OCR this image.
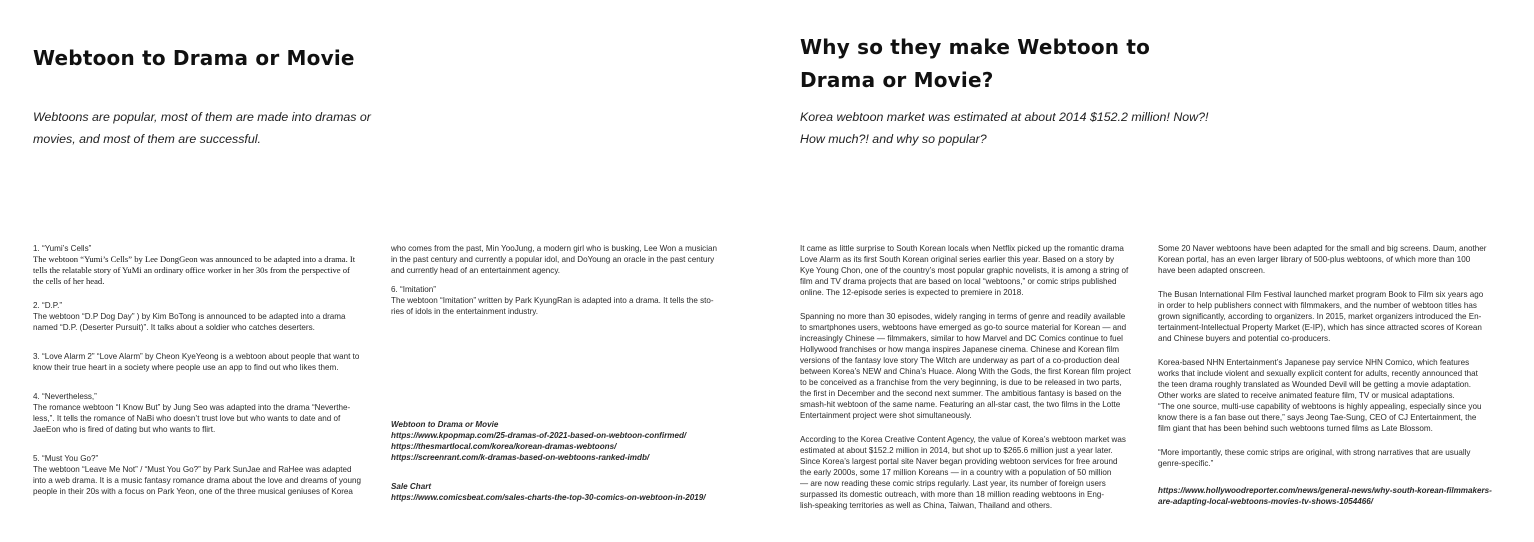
Webtoon to Drama or Movie
Webtoons are popular, most of them are made into dramas or
movies, and most of them are successful.

1. “Yumi’s Cells”

The webtoon “Yumi’s Cells” by Lee DongGeon was announced to be adapted into a drama. It
tells the relatable story of YuMi an ordinary office worker in her 30s from the perspective of
the cells of her head.

2. “D.P.”

The webtoon “D.P Dog Day” ) by Kim BoTong is announced to be adapted into a drama
named “D.P. (Deserter Pursuit)”. It talks about a soldier who catches deserters.

3. “Love Alarm 2” “Love Alarm” by Cheon KyeYeong is a webtoon about people that want to
know their true heart in a society where people use an app to find out who likes them.

4. “Nevertheless,”

The romance webtoon “I Know But” by Jung Seo was adapted into the drama “Neverthe-
less,”. It tells the romance of NaBi who doesn’t trust love but who wants to date and of
JaeEon who is fired of dating but who wants to flirt.

5. “Must You Go?”

The webtoon “Leave Me Not” / “Must You Go?” by Park SunJae and RaHee was adapted
into a web drama. It is a music fantasy romance drama about the love and dreams of young
people in their 20s with a focus on Park Yeon, one of the three musical geniuses of Korea

who comes from the past, Min YooJung, a modern girl who is busking, Lee Won a musician
in the past century and currently a popular idol, and DoYoung an oracle in the past century
and currently head of an entertainment agency.

6. “Imitation”

The webtoon “Imitation” written by Park KyungRan is adapted into a drama. It tells the sto-
ries of idols in the entertainment industry.

Webtoon to Drama or Movie

https://www.kpopmap.com/25-dramas-of-2021-based-on-webtoon-confirmed/

https://thesmartlocal.com/korea/korean-dramas-webtoons/

https://screenrant.com/k-dramas-based-on-webtoons-ranked-imdb/

Sale Chart

https://www.comicsbeat.com/sales-charts-the-top-30-comics-on-webtoon-in-2019/

Why so they make Webtoon to
Drama or Movie?
Korea webtoon market was estimated at about 2014 $152.2 million! Now?!
How much?! and why so popular?

It came as little surprise to South Korean locals when Netflix picked up the romantic drama
Love Alarm as its first South Korean original series earlier this year. Based on a story by
Kye Young Chon, one of the country’s most popular graphic novelists, it is among a string of
film and TV drama projects that are based on local “webtoons,” or comic strips published
online. The 12-episode series is expected to premiere in 2018.

Spanning no more than 30 episodes, widely ranging in terms of genre and readily available
to smartphones users, webtoons have emerged as go-to source material for Korean — and
increasingly Chinese — filmmakers, similar to how Marvel and DC Comics continue to fuel
Hollywood franchises or how manga inspires Japanese cinema. Chinese and Korean film
versions of the fantasy love story The Witch are underway as part of a co-production deal
between Korea’s NEW and China’s Huace. Along With the Gods, the first Korean film project
to be conceived as a franchise from the very beginning, is due to be released in two parts,
the first in December and the second next summer. The ambitious fantasy is based on the
smash-hit webtoon of the same name. Featuring an all-star cast, the two films in the Lotte
Entertainment project were shot simultaneously.

According to the Korea Creative Content Agency, the value of Korea’s webtoon market was
estimated at about $152.2 million in 2014, but shot up to $265.6 million just a year later.
Since Korea’s largest portal site Naver began providing webtoon services for free around
the early 2000s, some 17 million Koreans — in a country with a population of 50 million
— are now reading these comic strips regularly. Last year, its number of foreign users
surpassed its domestic outreach, with more than 18 million reading webtoons in Eng-
lish-speaking territories as well as China, Taiwan, Thailand and others.

Some 20 Naver webtoons have been adapted for the small and big screens. Daum, another
Korean portal, has an even larger library of 500-plus webtoons, of which more than 100
have been adapted onscreen.

The Busan International Film Festival launched market program Book to Film six years ago
in order to help publishers connect with filmmakers, and the number of webtoon titles has
grown significantly, according to organizers. In 2015, market organizers introduced the En-
tertainment-Intellectual Property Market (E-IP), which has since attracted scores of Korean
and Chinese buyers and potential co-producers.

Korea-based NHN Entertainment’s Japanese pay service NHN Comico, which features
works that include violent and sexually explicit content for adults, recently announced that
the teen drama roughly translated as Wounded Devil will be getting a movie adaptation.
Other works are slated to receive animated feature film, TV or musical adaptations.
“The one source, multi-use capability of webtoons is highly appealing, especially since you
know there is a fan base out there,” says Jeong Tae-Sung, CEO of CJ Entertainment, the
film giant that has been behind such webtoons turned films as Late Blossom.

“More importantly, these comic strips are original, with strong narratives that are usually
genre-specific.”

https://www.hollywoodreporter.com/news/general-news/why-south-korean-filmmakers-
are-adapting-local-webtoons-movies-tv-shows-1054466/
